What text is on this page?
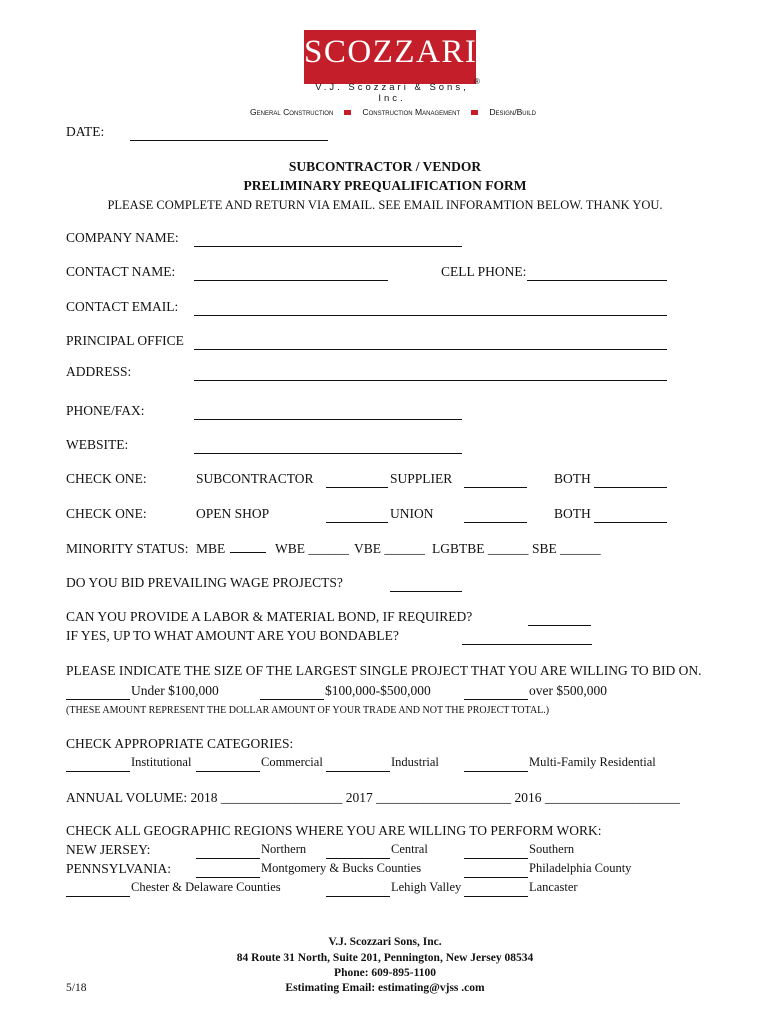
SCOZZARI
V.J. Scozzari & Sons, Inc.
®
General Construction	Construction Management	Design/Build
DATE:
SUBCONTRACTOR / VENDOR
PRELIMINARY PREQUALIFICATION FORM
PLEASE COMPLETE AND RETURN VIA EMAIL. SEE EMAIL INFORAMTION BELOW. THANK YOU.
COMPANY NAME:
CONTACT NAME:	CELL PHONE:
CONTACT EMAIL:
PRINCIPAL OFFICE
ADDRESS:
PHONE/FAX:
WEBSITE:
CHECK ONE:	SUBCONTRACTOR	SUPPLIER	BOTH
CHECK ONE:	OPEN SHOP	UNION	BOTH
MINORITY STATUS: MBE	WBE ______ VBE ______ LGBTBE ______ SBE ______
DO YOU BID PREVAILING WAGE PROJECTS?
CAN YOU PROVIDE A LABOR & MATERIAL BOND, IF REQUIRED?
IF YES, UP TO WHAT AMOUNT ARE YOU BONDABLE?
PLEASE INDICATE THE SIZE OF THE LARGEST SINGLE PROJECT THAT YOU ARE WILLING TO BID ON.
Under $100,000	$100,000-$500,000	over $500,000
(THESE AMOUNT REPRESENT THE DOLLAR AMOUNT OF YOUR TRADE AND NOT THE PROJECT TOTAL.)
CHECK APPROPRIATE CATEGORIES:
Institutional	Commercial	Industrial	Multi-Family Residential
ANNUAL VOLUME: 2018 __________________ 2017 ____________________ 2016 ____________________
CHECK ALL GEOGRAPHIC REGIONS WHERE YOU ARE WILLING TO PERFORM WORK:
NEW JERSEY:	Northern	Central	Southern
PENNSYLVANIA:	Montgomery & Bucks Counties	Philadelphia County
Chester & Delaware Counties	Lehigh Valley	Lancaster
V.J. Scozzari Sons, Inc.
84 Route 31 North, Suite 201, Pennington, New Jersey 08534
Phone: 609-895-1100
Estimating Email: estimating@vjss .com
5/18
